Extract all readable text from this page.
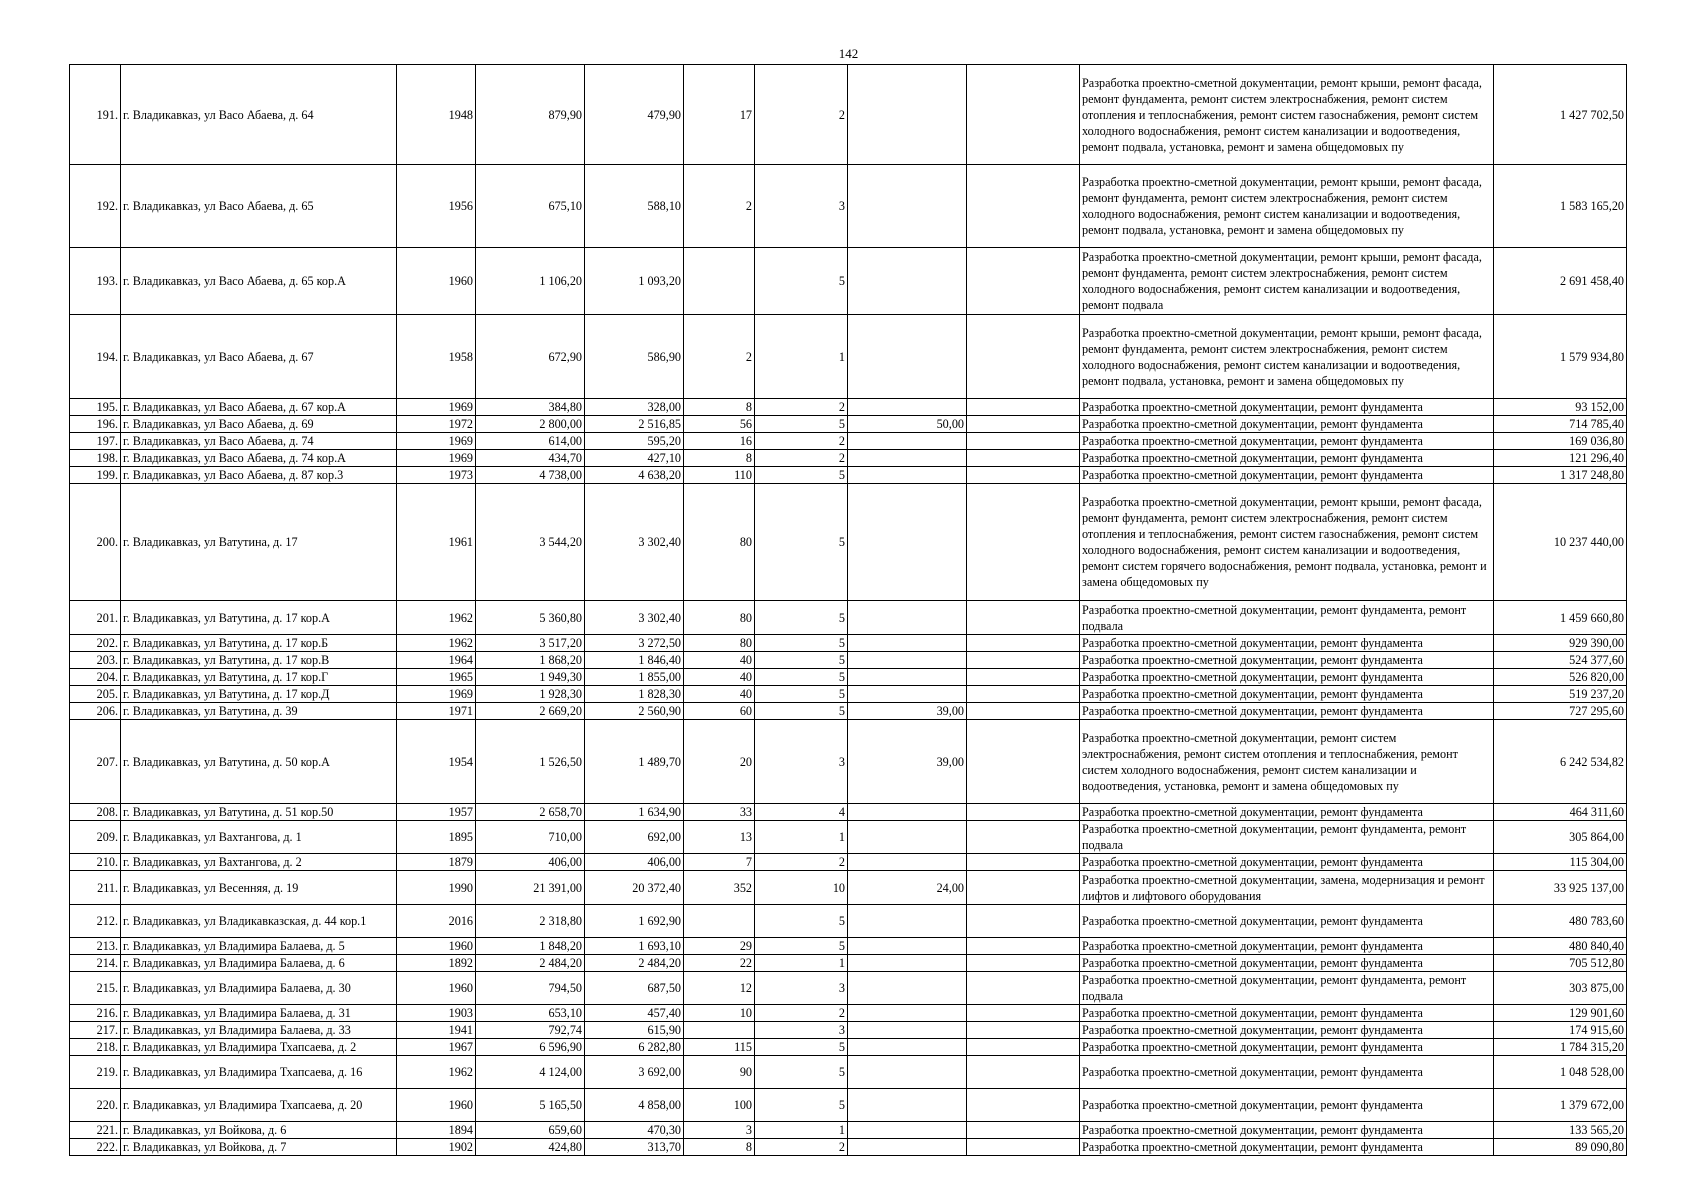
142
191.	г. Владикавказ, ул Васо Абаева, д. 64	1948	879,90	479,90	17	2			Разработка проектно-сметной документации, ремонт крыши, ремонт фасада, ремонт фундамента, ремонт систем электроснабжения, ремонт систем отопления и теплоснабжения, ремонт систем газоснабжения, ремонт систем холодного водоснабжения, ремонт систем канализации и водоотведения, ремонт подвала, установка, ремонт и замена общедомовых пу	1 427 702,50
192.	г. Владикавказ, ул Васо Абаева, д. 65	1956	675,10	588,10	2	3			Разработка проектно-сметной документации, ремонт крыши, ремонт фасада, ремонт фундамента, ремонт систем электроснабжения, ремонт систем холодного водоснабжения, ремонт систем канализации и водоотведения, ремонт подвала, установка, ремонт и замена общедомовых пу	1 583 165,20
193.	г. Владикавказ, ул Васо Абаева, д. 65 кор.А	1960	1 106,20	1 093,20		5			Разработка проектно-сметной документации, ремонт крыши, ремонт фасада, ремонт фундамента, ремонт систем электроснабжения, ремонт систем холодного водоснабжения, ремонт систем канализации и водоотведения, ремонт подвала	2 691 458,40
194.	г. Владикавказ, ул Васо Абаева, д. 67	1958	672,90	586,90	2	1			Разработка проектно-сметной документации, ремонт крыши, ремонт фасада, ремонт фундамента, ремонт систем электроснабжения, ремонт систем холодного водоснабжения, ремонт систем канализации и водоотведения, ремонт подвала, установка, ремонт и замена общедомовых пу	1 579 934,80
195.	г. Владикавказ, ул Васо Абаева, д. 67 кор.А	1969	384,80	328,00	8	2			Разработка проектно-сметной документации, ремонт фундамента	93 152,00
196.	г. Владикавказ, ул Васо Абаева, д. 69	1972	2 800,00	2 516,85	56	5	50,00		Разработка проектно-сметной документации, ремонт фундамента	714 785,40
197.	г. Владикавказ, ул Васо Абаева, д. 74	1969	614,00	595,20	16	2			Разработка проектно-сметной документации, ремонт фундамента	169 036,80
198.	г. Владикавказ, ул Васо Абаева, д. 74 кор.А	1969	434,70	427,10	8	2			Разработка проектно-сметной документации, ремонт фундамента	121 296,40
199.	г. Владикавказ, ул Васо Абаева, д. 87 кор.3	1973	4 738,00	4 638,20	110	5			Разработка проектно-сметной документации, ремонт фундамента	1 317 248,80
200.	г. Владикавказ, ул Ватутина, д. 17	1961	3 544,20	3 302,40	80	5			Разработка проектно-сметной документации, ремонт крыши, ремонт фасада, ремонт фундамента, ремонт систем электроснабжения, ремонт систем отопления и теплоснабжения, ремонт систем газоснабжения, ремонт систем холодного водоснабжения, ремонт систем канализации и водоотведения, ремонт систем горячего водоснабжения, ремонт подвала, установка, ремонт и замена общедомовых пу	10 237 440,00
201.	г. Владикавказ, ул Ватутина, д. 17 кор.А	1962	5 360,80	3 302,40	80	5			Разработка проектно-сметной документации, ремонт фундамента, ремонт подвала	1 459 660,80
202.	г. Владикавказ, ул Ватутина, д. 17 кор.Б	1962	3 517,20	3 272,50	80	5			Разработка проектно-сметной документации, ремонт фундамента	929 390,00
203.	г. Владикавказ, ул Ватутина, д. 17 кор.В	1964	1 868,20	1 846,40	40	5			Разработка проектно-сметной документации, ремонт фундамента	524 377,60
204.	г. Владикавказ, ул Ватутина, д. 17 кор.Г	1965	1 949,30	1 855,00	40	5			Разработка проектно-сметной документации, ремонт фундамента	526 820,00
205.	г. Владикавказ, ул Ватутина, д. 17 кор.Д	1969	1 928,30	1 828,30	40	5			Разработка проектно-сметной документации, ремонт фундамента	519 237,20
206.	г. Владикавказ, ул Ватутина, д. 39	1971	2 669,20	2 560,90	60	5	39,00		Разработка проектно-сметной документации, ремонт фундамента	727 295,60
207.	г. Владикавказ, ул Ватутина, д. 50 кор.А	1954	1 526,50	1 489,70	20	3	39,00		Разработка проектно-сметной документации, ремонт систем электроснабжения, ремонт систем отопления и теплоснабжения, ремонт систем холодного водоснабжения, ремонт систем канализации и водоотведения, установка, ремонт и замена общедомовых пу	6 242 534,82
208.	г. Владикавказ, ул Ватутина, д. 51 кор.50	1957	2 658,70	1 634,90	33	4			Разработка проектно-сметной документации, ремонт фундамента	464 311,60
209.	г. Владикавказ, ул Вахтангова, д. 1	1895	710,00	692,00	13	1			Разработка проектно-сметной документации, ремонт фундамента, ремонт подвала	305 864,00
210.	г. Владикавказ, ул Вахтангова, д. 2	1879	406,00	406,00	7	2			Разработка проектно-сметной документации, ремонт фундамента	115 304,00
211.	г. Владикавказ, ул Весенняя, д. 19	1990	21 391,00	20 372,40	352	10	24,00		Разработка проектно-сметной документации, замена, модернизация и ремонт лифтов и лифтового оборудования	33 925 137,00
212.	г. Владикавказ, ул Владикавказская, д. 44 кор.1	2016	2 318,80	1 692,90		5			Разработка проектно-сметной документации, ремонт фундамента	480 783,60
213.	г. Владикавказ, ул Владимира Балаева, д. 5	1960	1 848,20	1 693,10	29	5			Разработка проектно-сметной документации, ремонт фундамента	480 840,40
214.	г. Владикавказ, ул Владимира Балаева, д. 6	1892	2 484,20	2 484,20	22	1			Разработка проектно-сметной документации, ремонт фундамента	705 512,80
215.	г. Владикавказ, ул Владимира Балаева, д. 30	1960	794,50	687,50	12	3			Разработка проектно-сметной документации, ремонт фундамента, ремонт подвала	303 875,00
216.	г. Владикавказ, ул Владимира Балаева, д. 31	1903	653,10	457,40	10	2			Разработка проектно-сметной документации, ремонт фундамента	129 901,60
217.	г. Владикавказ, ул Владимира Балаева, д. 33	1941	792,74	615,90		3			Разработка проектно-сметной документации, ремонт фундамента	174 915,60
218.	г. Владикавказ, ул Владимира Тхапсаева, д. 2	1967	6 596,90	6 282,80	115	5			Разработка проектно-сметной документации, ремонт фундамента	1 784 315,20
219.	г. Владикавказ, ул Владимира Тхапсаева, д. 16	1962	4 124,00	3 692,00	90	5			Разработка проектно-сметной документации, ремонт фундамента	1 048 528,00
220.	г. Владикавказ, ул Владимира Тхапсаева, д. 20	1960	5 165,50	4 858,00	100	5			Разработка проектно-сметной документации, ремонт фундамента	1 379 672,00
221.	г. Владикавказ, ул Войкова, д. 6	1894	659,60	470,30	3	1			Разработка проектно-сметной документации, ремонт фундамента	133 565,20
222.	г. Владикавказ, ул Войкова, д. 7	1902	424,80	313,70	8	2			Разработка проектно-сметной документации, ремонт фундамента	89 090,80
